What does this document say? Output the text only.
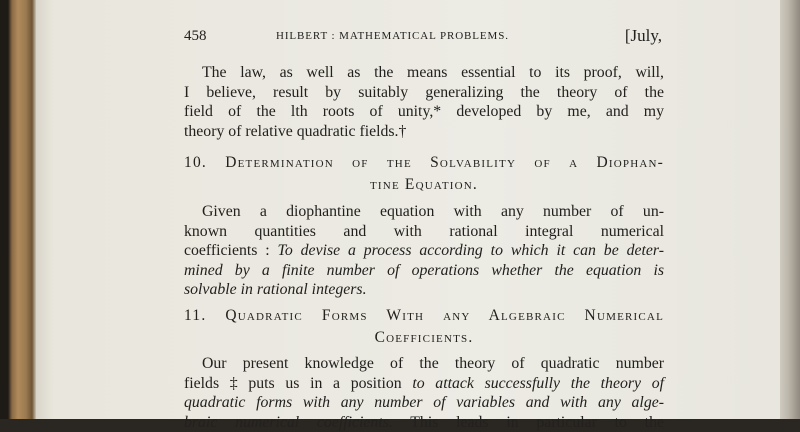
458	HILBERT : MATHEMATICAL PROBLEMS.	[July,
The law, as well as the means essential to its proof, will,
I believe, result by suitably generalizing the theory of the
field of the lth roots of unity,* developed by me, and my
theory of relative quadratic fields.†
10. Determination of the Solvability of a Diophan-
tine Equation.
Given a diophantine equation with any number of un-
known quantities and with rational integral numerical
coefficients : To devise a process according to which it can be deter-
mined by a finite number of operations whether the equation is
solvable in rational integers.
11. Quadratic Forms With any Algebraic Numerical
Coefficients.
Our present knowledge of the theory of quadratic number
fields ‡ puts us in a position to attack successfully the theory of
quadratic forms with any number of variables and with any alge-
braic numerical coefficients. This leads in particular to the
